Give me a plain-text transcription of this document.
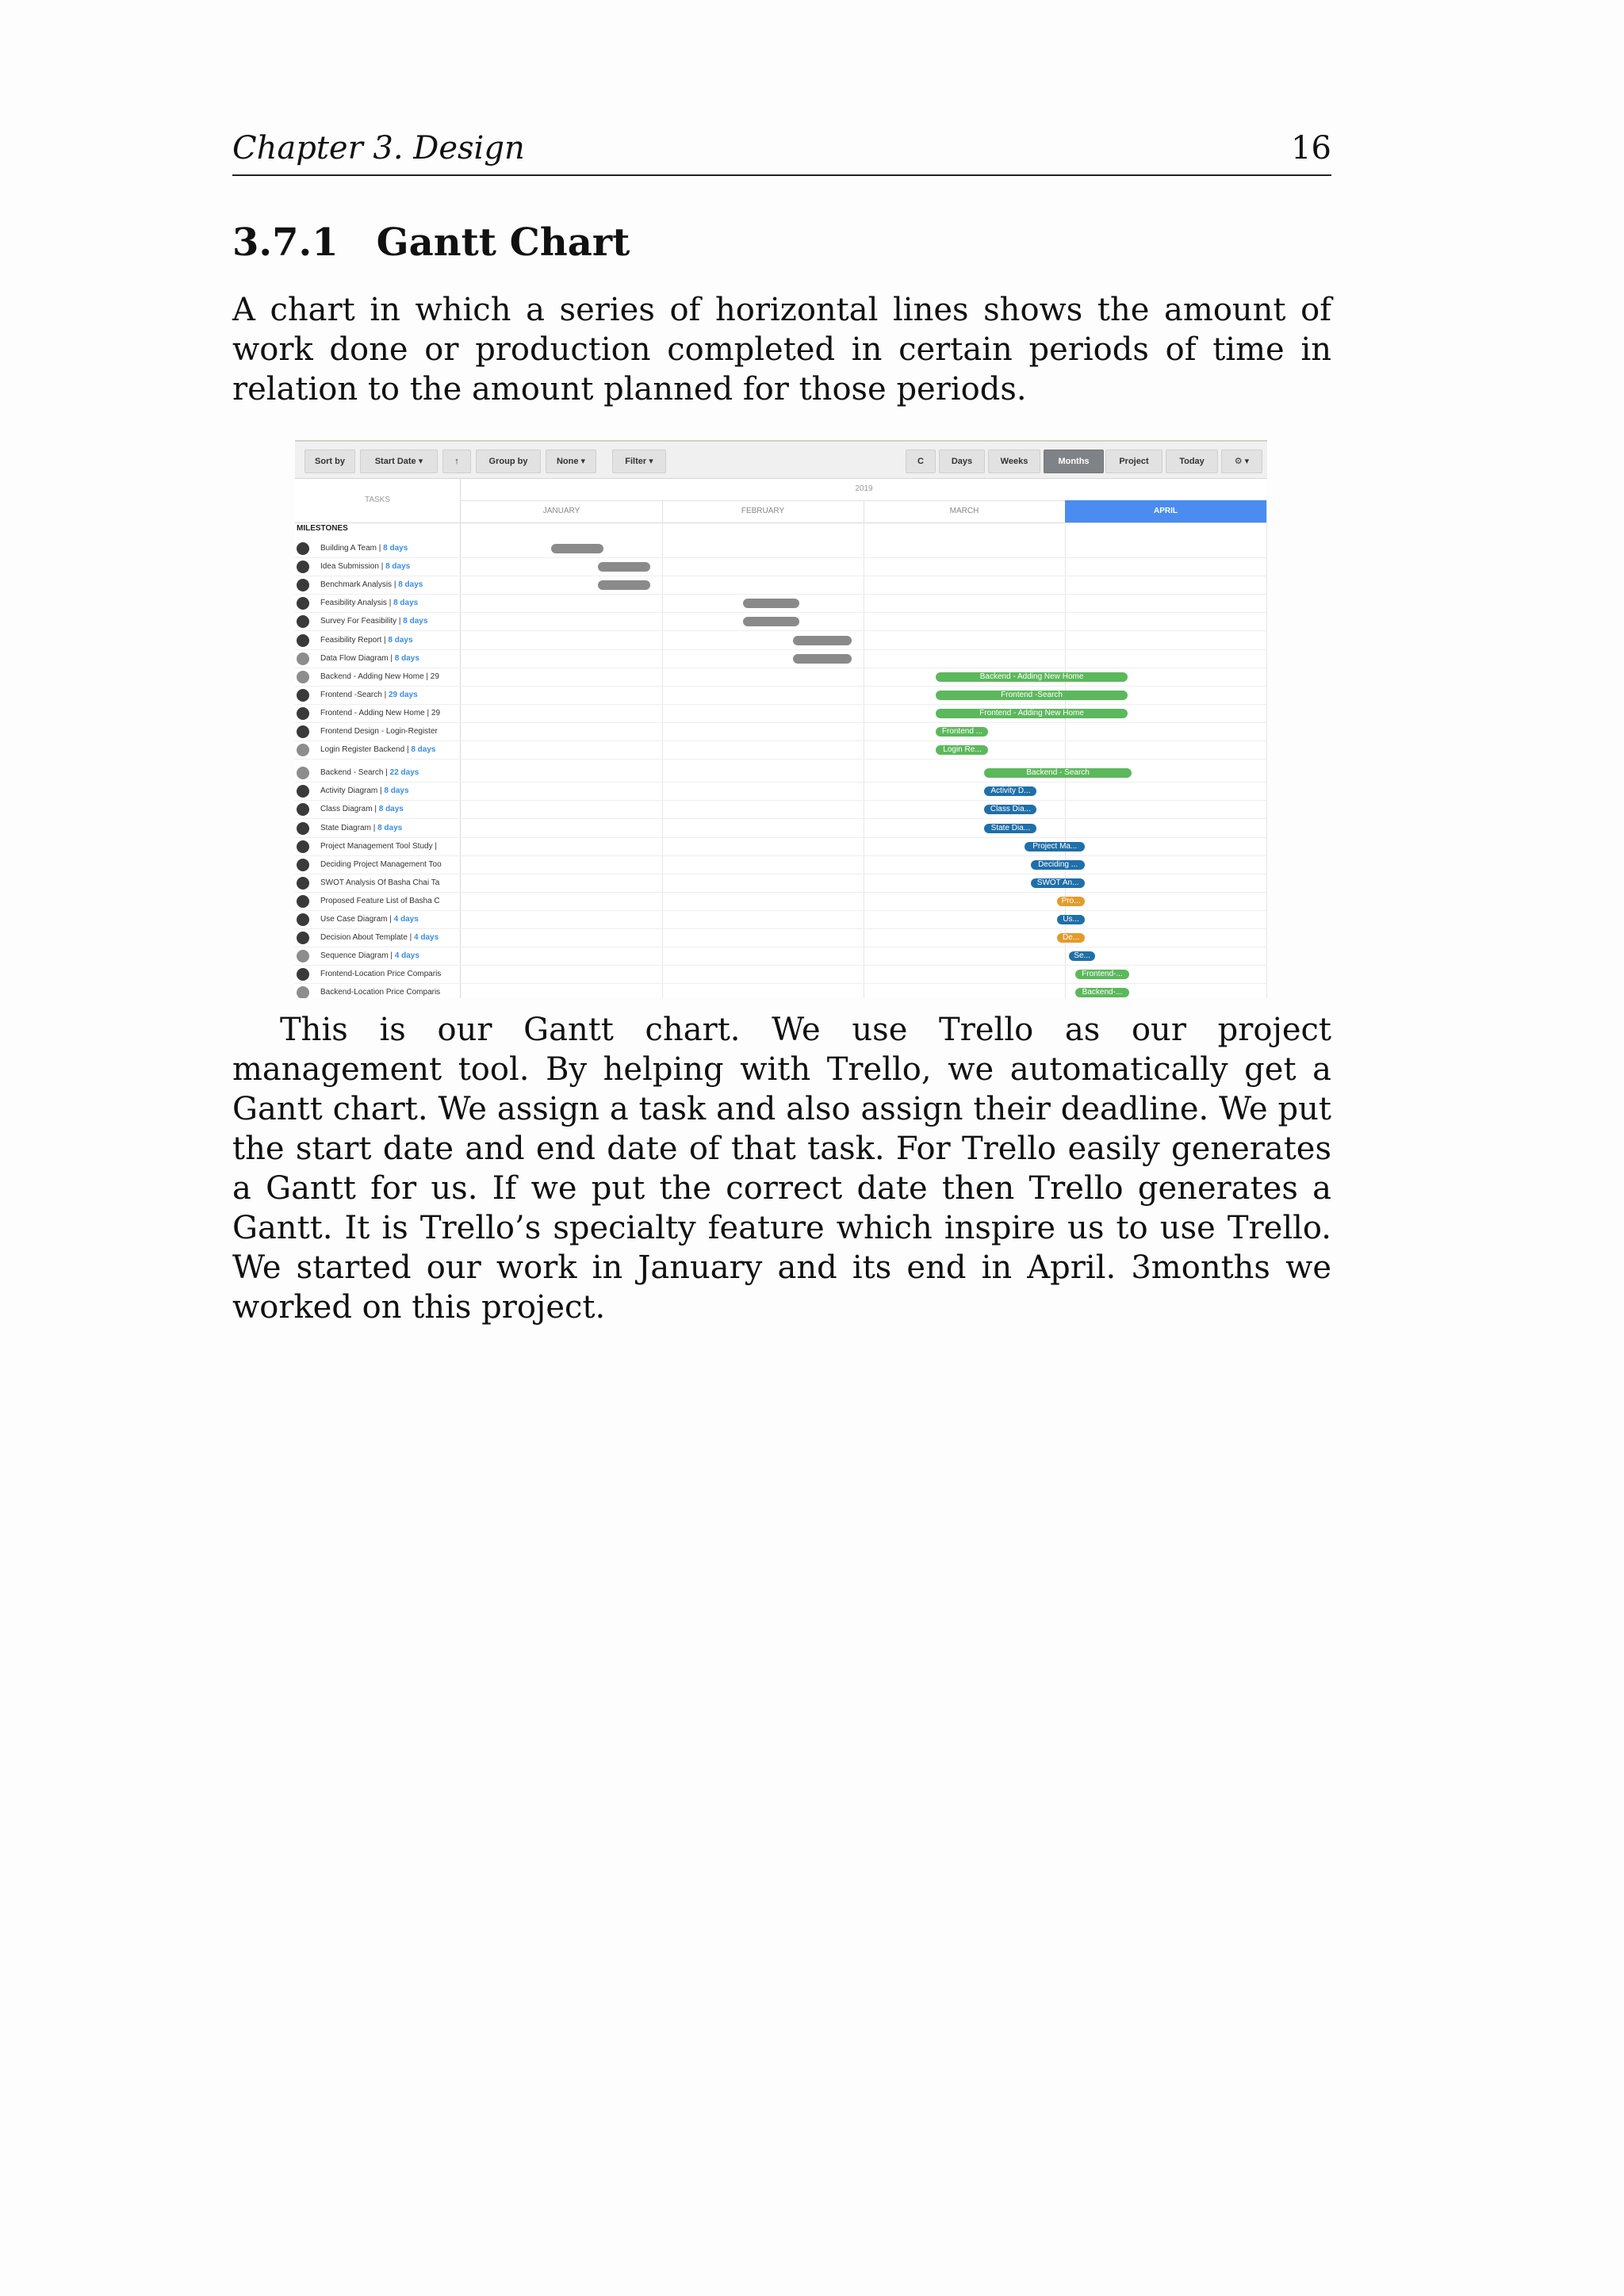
Chapter 3. Design	16
3.7.1 Gantt Chart
A chart in which a series of horizontal lines shows the amount of work done or production completed in certain periods of time in relation to the amount planned for those periods.
Sort by	Start Date ▾	↑	Group by	None ▾	Filter ▾	C	Days	Weeks	Months	Project	Today	⚙ ▾
TASKS
2019
JANUARY	FEBRUARY	MARCH	APRIL
MILESTONES
Building A Team | 8 days
Idea Submission | 8 days
Benchmark Analysis | 8 days
Feasibility Analysis | 8 days
Survey For Feasibility | 8 days
Feasibility Report | 8 days
Data Flow Diagram | 8 days
Backend - Adding New Home | 29	Backend - Adding New Home
Frontend -Search | 29 days	Frontend -Search
Frontend - Adding New Home | 29	Frontend - Adding New Home
Frontend Design - Login-Register	Frontend ...
Login Register Backend | 8 days	Login Re...
Backend - Search | 22 days	Backend - Search
Activity Diagram | 8 days	Activity D...
Class Diagram | 8 days	Class Dia...
State Diagram | 8 days	State Dia...
Project Management Tool Study |	Project Ma...
Deciding Project Management Too	Deciding ...
SWOT Analysis Of Basha Chai Ta	SWOT An...
Proposed Feature List of Basha C	Pro...
Use Case Diagram | 4 days	Us...
Decision About Template | 4 days	De...
Sequence Diagram | 4 days	Se...
Frontend-Location Price Comparis	Frontend-...
Backend-Location Price Comparis	Backend-...
This is our Gantt chart. We use Trello as our project management tool. By helping with Trello, we automatically get a Gantt chart. We assign a task and also assign their deadline. We put the start date and end date of that task. For Trello easily generates a Gantt for us. If we put the correct date then Trello generates a Gantt. It is Trello’s specialty feature which inspire us to use Trello. We started our work in January and its end in April. 3months we worked on this project.
